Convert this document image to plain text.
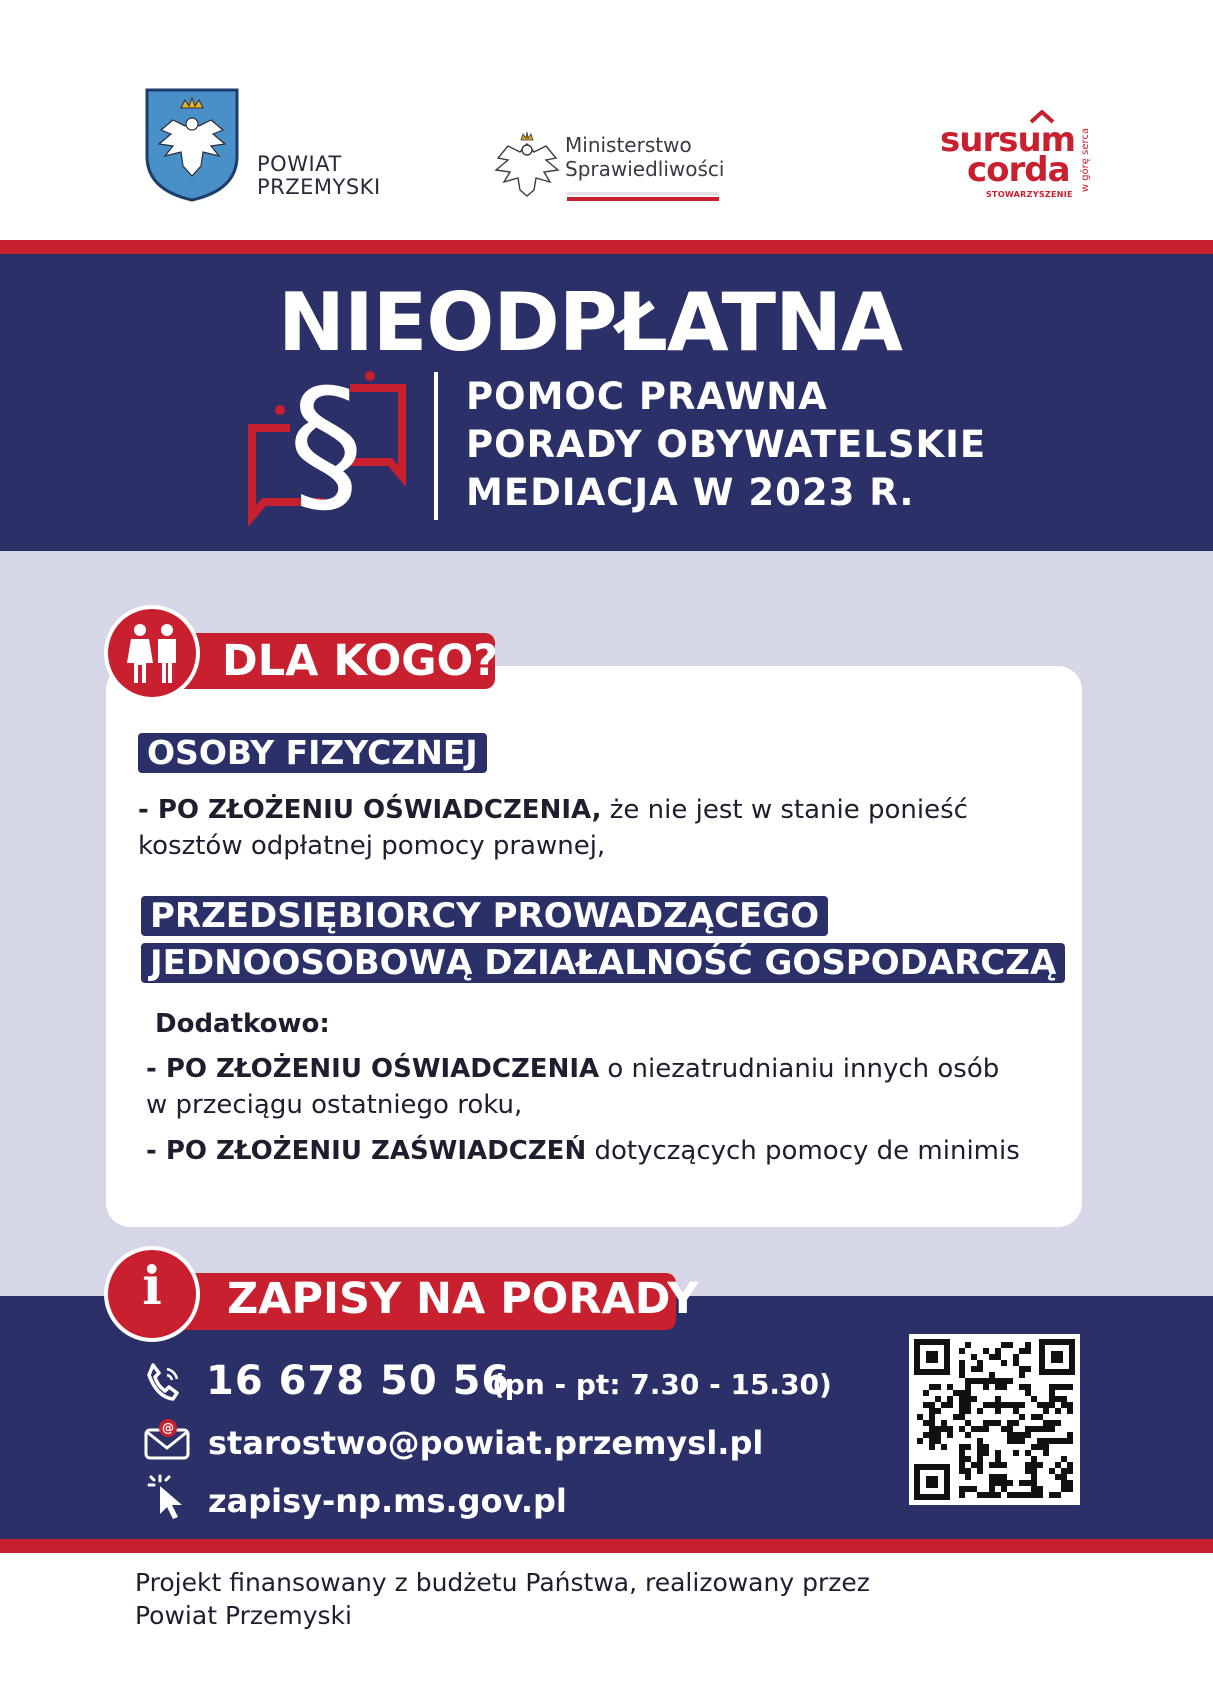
POWIAT
PRZEMYSKI
Ministerstwo
Sprawiedliwości
sursum
corda
STOWARZYSZENIE
w górę serca
NIEODPŁATNA
§	POMOC PRAWNA
PORADY OBYWATELSKIE
MEDIACJA W 2023 R.
DLA KOGO?
OSOBY FIZYCZNEJ
- PO ZŁOŻENIU OŚWIADCZENIA, że nie jest w stanie ponieść
kosztów odpłatnej pomocy prawnej,
PRZEDSIĘBIORCY PROWADZĄCEGO
JEDNOOSOBOWĄ DZIAŁALNOŚĆ GOSPODARCZĄ
Dodatkowo:
- PO ZŁOŻENIU OŚWIADCZENIA o niezatrudnianiu innych osób
w przeciągu ostatniego roku,
- PO ZŁOŻENIU ZAŚWIADCZEŃ dotyczących pomocy de minimis
ZAPISY NA PORADY
i
16 678 50 56
(pn - pt: 7.30 - 15.30)
@ starostwo@powiat.przemysl.pl
zapisy-np.ms.gov.pl
Projekt finansowany z budżetu Państwa, realizowany przez
Powiat Przemyski
